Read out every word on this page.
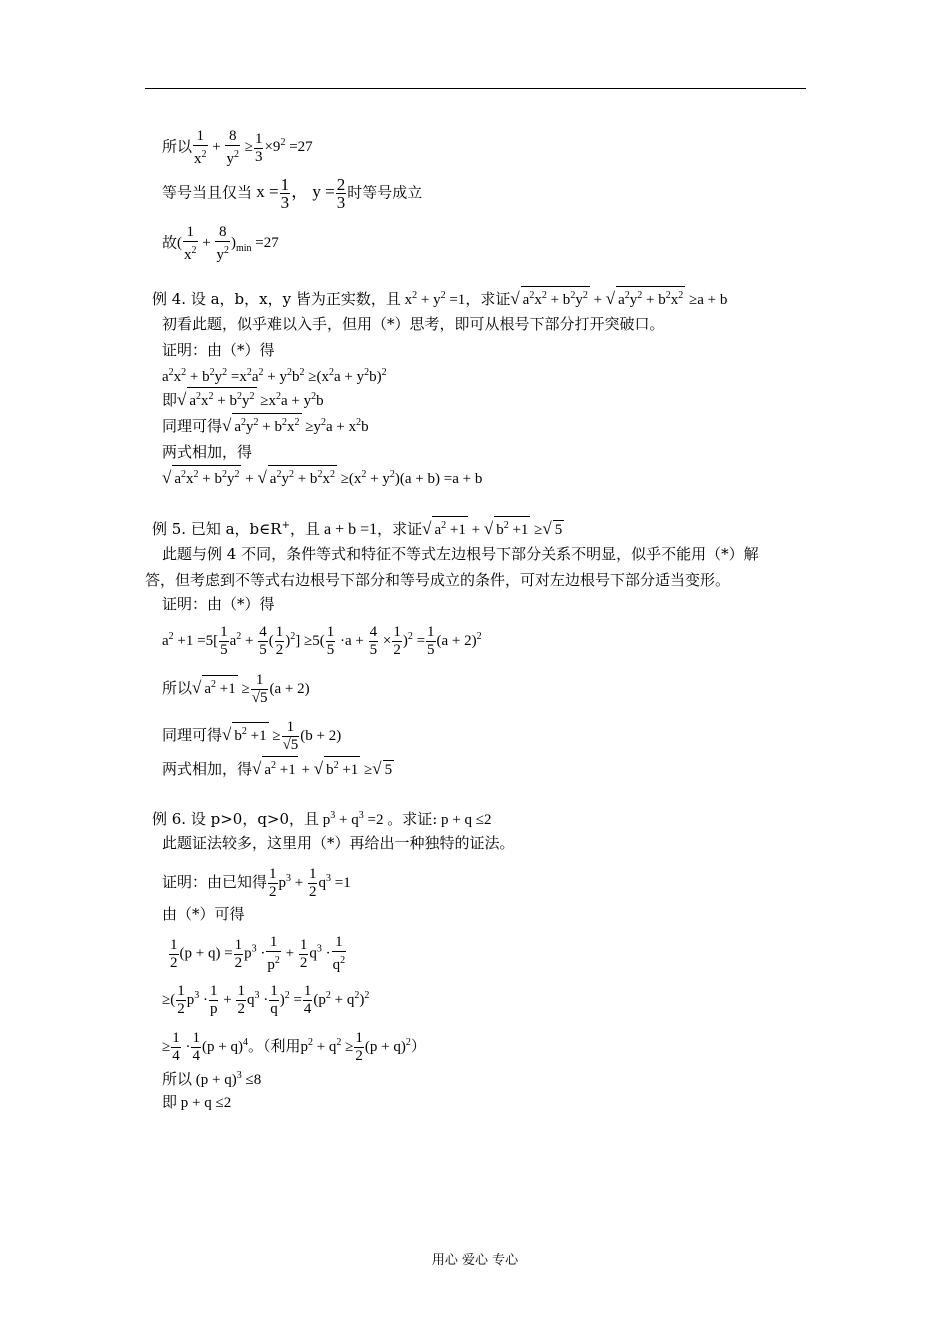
所以 $\frac{1}{x^2} + \frac{8}{y^2} \ge \frac{1}{3} \times 9^2 =27$
等号当且仅当 $x = \frac{1}{3}$ ， $y = \frac{2}{3}$ 时等号成立
故( $\frac{1}{x^2} + \frac{8}{y^2} )_{min} =27$
例 4. 设 a，b，x，y 皆为正实数，且 $x^2 + y^2 =1$，求证√ $a^2x^2 + b^2y^2$ + √ $a^2y^2 + b^2x^2 \ge a + b$
初看此题，似乎难以入手，但用（*）思考，即可从根号下部分打开突破口。
证明：由（*）得
$a^2x^2 + b^2y^2 =x^2a^2 + y^2b^2 \ge(x^2a + y^2b)^2$
即√ $a^2x^2 + b^2y^2 \ge x^2a + y^2b$
同理可得√ $a^2y^2 + b^2x^2 \ge y^2a + x^2b$
两式相加，得
√ $a^2x^2 + b^2y^2$ + √ $a^2y^2 + b^2x^2 \ge(x^2 + y^2)(a + b) =a + b$
例 5. 已知 a，b∈R+，且 a + b =1，求证√ $a^2 +1$ + √ $b^2 +1$ ≥√ 5
此题与例 4 不同，条件等式和特征不等式左边根号下部分关系不明显，似乎不能用（*）解
答，但考虑到不等式右边根号下部分和等号成立的条件，可对左边根号下部分适当变形。
证明：由（*）得
$a^2 +1 =5[ \frac{1}{5} a^2 + \frac{4}{5}$ ( $\frac{1}{2} )^2] \ge 5( \frac{1}{5} \cdot a + \frac{4}{5} \times \frac{1}{2} )^2 = \frac{1}{5} (a + 2)^2$
所以√ $a^2 +1 \ge \frac{1}{√5} (a + 2)$
同理可得√ $b^2 +1 \ge \frac{1}{√5} (b + 2)$
两式相加，得√ $a^2 +1$ + √ $b^2 +1$ ≥√ 5
例 6. 设 p>0，q>0，且 $p^3 + q^3 =2$ 。求证: p + q ≤2
此题证法较多，这里用（*）再给出一种独特的证法。
证明：由已知得 $\frac{1}{2} p^3 + \frac{1}{2} q^3 =1$
由（*）可得
$\frac{1}{2} (p + q) = \frac{1}{2} p^3 \cdot \frac{1}{p^2} + \frac{1}{2} q^3 \cdot \frac{1}{q^2}$
≥( $\frac{1}{2} p^3 \cdot \frac{1}{p} + \frac{1}{2} q^3 \cdot \frac{1}{q} )^2 = \frac{1}{4} (p^2 + q^2)^2$
≥ $\frac{1}{4} \cdot \frac{1}{4} (p + q)^4$。（利用$p^2 + q^2 \ge \frac{1}{2} (p + q)^2$）
所以 $(p + q)^3 \le 8$
即 p + q ≤2
用心 爱心 专心
